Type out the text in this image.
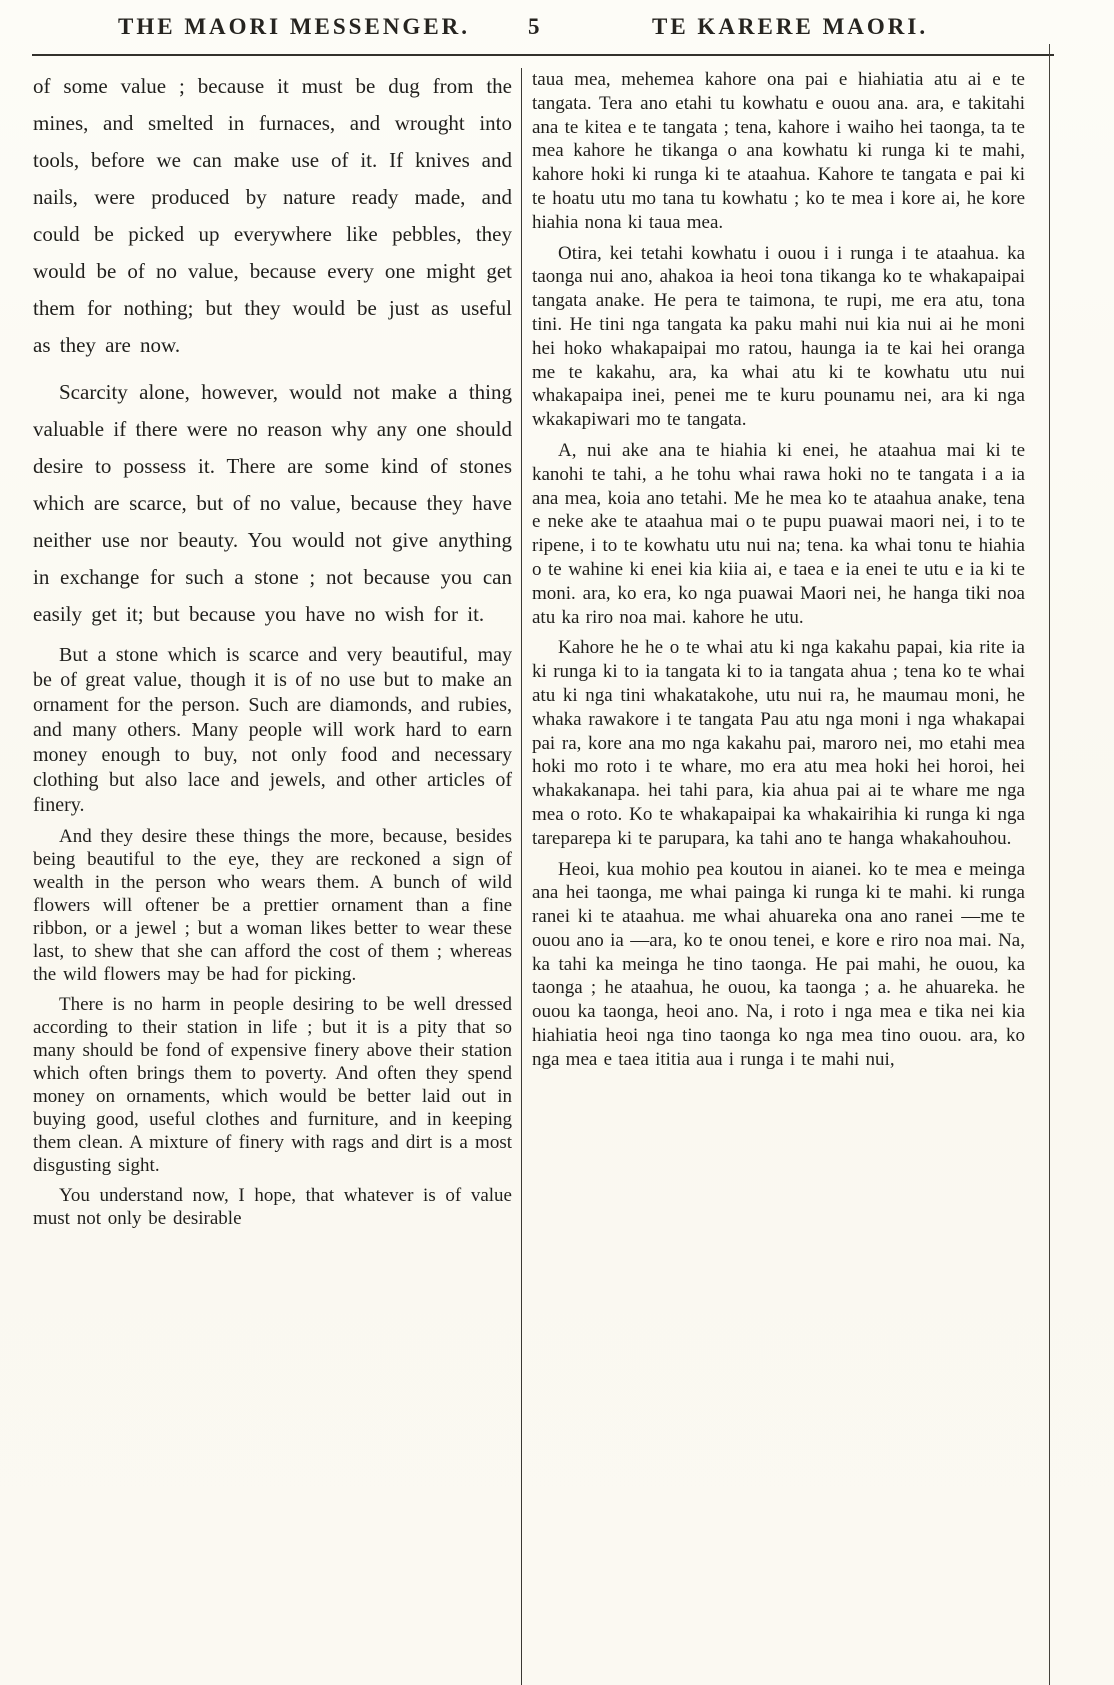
THE MAORI MESSENGER.	5	TE KARERE MAORI.

of some value ; because it must be dug from the mines, and smelted in furnaces, and wrought into tools, before we can make use of it. If knives and nails, were produced by nature ready made, and could be picked up everywhere like pebbles, they would be of no value, because every one might get them for nothing; but they would be just as useful as they are now.

Scarcity alone, however, would not make a thing valuable if there were no reason why any one should desire to possess it. There are some kind of stones which are scarce, but of no value, because they have neither use nor beauty. You would not give anything in exchange for such a stone ; not because you can easily get it; but because you have no wish for it.

But a stone which is scarce and very beautiful, may be of great value, though it is of no use but to make an ornament for the person. Such are diamonds, and rubies, and many others. Many people will work hard to earn money enough to buy, not only food and necessary clothing but also lace and jewels, and other articles of finery.

And they desire these things the more, because, besides being beautiful to the eye, they are reckoned a sign of wealth in the person who wears them. A bunch of wild flowers will oftener be a prettier ornament than a fine ribbon, or a jewel ; but a woman likes better to wear these last, to shew that she can afford the cost of them ; whereas the wild flowers may be had for picking.

There is no harm in people desiring to be well dressed according to their station in life ; but it is a pity that so many should be fond of expensive finery above their station which often brings them to poverty. And often they spend money on ornaments, which would be better laid out in buying good, useful clothes and furniture, and in keeping them clean. A mixture of finery with rags and dirt is a most disgusting sight.

You understand now, I hope, that whatever is of value must not only be desirable

taua mea, mehemea kahore ona pai e hiahiatia atu ai e te tangata. Tera ano etahi tu kowhatu e ouou ana. ara, e takitahi ana te kitea e te tangata ; tena, kahore i waiho hei taonga, ta te mea kahore he tikanga o ana kowhatu ki runga ki te mahi, kahore hoki ki runga ki te ataahua. Kahore te tangata e pai ki te hoatu utu mo tana tu kowhatu ; ko te mea i kore ai, he kore hiahia nona ki taua mea.

Otira, kei tetahi kowhatu i ouou i i runga i te ataahua. ka taonga nui ano, ahakoa ia heoi tona tikanga ko te whakapaipai tangata anake. He pera te taimona, te rupi, me era atu, tona tini. He tini nga tangata ka paku mahi nui kia nui ai he moni hei hoko whakapaipai mo ratou, haunga ia te kai hei oranga me te kakahu, ara, ka whai atu ki te kowhatu utu nui whakapaipa inei, penei me te kuru pounamu nei, ara ki nga wkakapiwari mo te tangata.

A, nui ake ana te hiahia ki enei, he ataahua mai ki te kanohi te tahi, a he tohu whai rawa hoki no te tangata i a ia ana mea, koia ano tetahi. Me he mea ko te ataahua anake, tena e neke ake te ataahua mai o te pupu puawai maori nei, i to te ripene, i to te kowhatu utu nui na; tena. ka whai tonu te hiahia o te wahine ki enei kia kiia ai, e taea e ia enei te utu e ia ki te moni. ara, ko era, ko nga puawai Maori nei, he hanga tiki noa atu ka riro noa mai. kahore he utu.

Kahore he he o te whai atu ki nga kakahu papai, kia rite ia ki runga ki to ia tangata ki to ia tangata ahua ; tena ko te whai atu ki nga tini whakatakohe, utu nui ra, he maumau moni, he whaka rawakore i te tangata Pau atu nga moni i nga whakapai pai ra, kore ana mo nga kakahu pai, maroro nei, mo etahi mea hoki mo roto i te whare, mo era atu mea hoki hei horoi, hei whakakanapa. hei tahi para, kia ahua pai ai te whare me nga mea o roto. Ko te whakapaipai ka whakairihia ki runga ki nga tareparepa ki te parupara, ka tahi ano te hanga whakahouhou.

Heoi, kua mohio pea koutou in aianei. ko te mea e meinga ana hei taonga, me whai painga ki runga ki te mahi. ki runga ranei ki te ataahua. me whai ahuareka ona ano ranei —me te ouou ano ia —ara, ko te onou tenei, e kore e riro noa mai. Na, ka tahi ka meinga he tino taonga. He pai mahi, he ouou, ka taonga ; he ataahua, he ouou, ka taonga ; a. he ahuareka. he ouou ka taonga, heoi ano. Na, i roto i nga mea e tika nei kia hiahiatia heoi nga tino taonga ko nga mea tino ouou. ara, ko nga mea e taea ititia aua i runga i te mahi nui,
